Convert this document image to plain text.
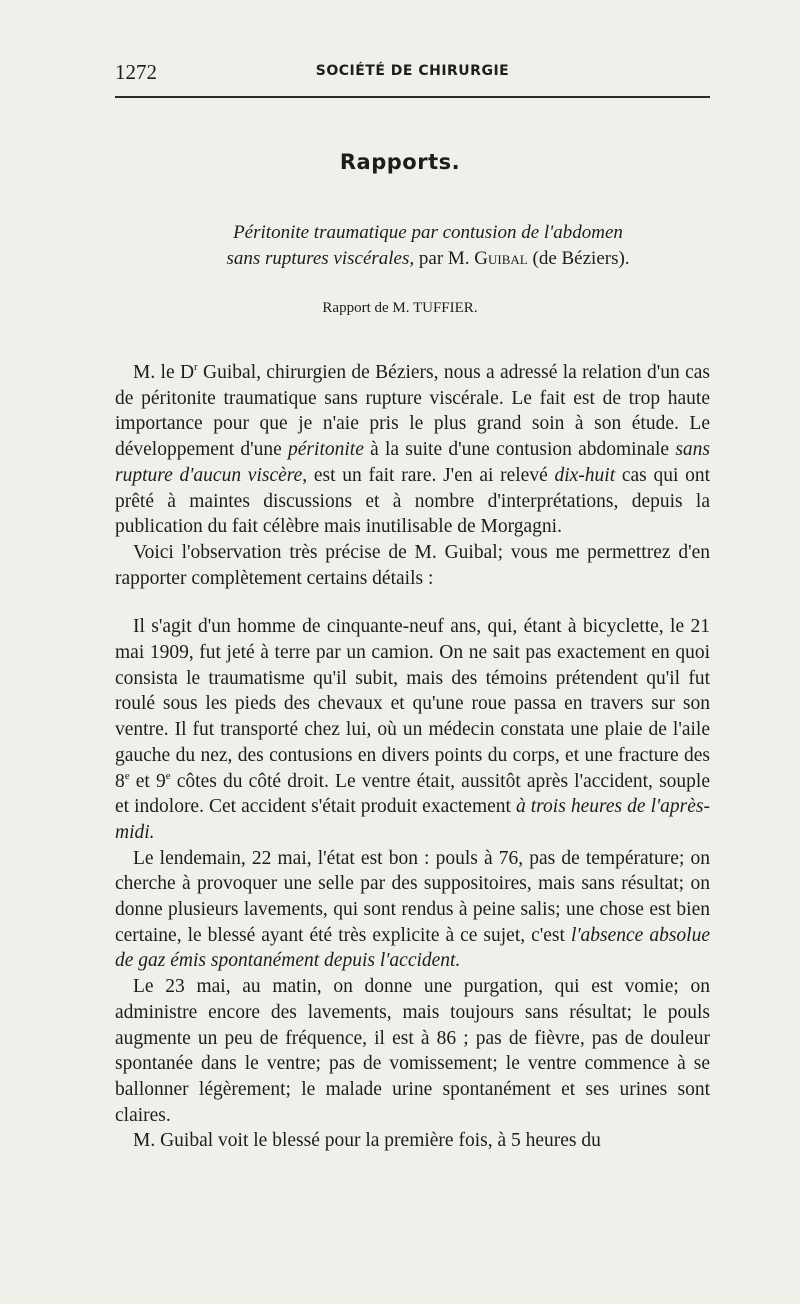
1272	SOCIÉTÉ DE CHIRURGIE
Rapports.
Péritonite traumatique par contusion de l'abdomen
sans ruptures viscérales, par M. Guibal (de Béziers).
Rapport de M. TUFFIER.

M. le $D^r$ Guibal, chirurgien de Béziers, nous a adressé la relation d'un cas de péritonite traumatique sans rupture viscérale. Le fait est de trop haute importance pour que je n'aie pris le plus grand soin à son étude. Le développement d'une péritonite à la suite d'une contusion abdominale sans rupture d'aucun viscère, est un fait rare. J'en ai relevé dix-huit cas qui ont prêté à maintes discussions et à nombre d'interprétations, depuis la publication du fait célèbre mais inutilisable de Morgagni.

Voici l'observation très précise de M. Guibal; vous me permettrez d'en rapporter complètement certains détails :

Il s'agit d'un homme de cinquante-neuf ans, qui, étant à bicyclette, le 21 mai 1909, fut jeté à terre par un camion. On ne sait pas exactement en quoi consista le traumatisme qu'il subit, mais des témoins prétendent qu'il fut roulé sous les pieds des chevaux et qu'une roue passa en travers sur son ventre. Il fut transporté chez lui, où un médecin constata une plaie de l'aile gauche du nez, des contusions en divers points du corps, et une fracture des 8e et 9e côtes du côté droit. Le ventre était, aussitôt après l'accident, souple et indolore. Cet accident s'était produit exactement à trois heures de l'après-midi.

Le lendemain, 22 mai, l'état est bon : pouls à 76, pas de température; on cherche à provoquer une selle par des suppositoires, mais sans résultat; on donne plusieurs lavements, qui sont rendus à peine salis; une chose est bien certaine, le blessé ayant été très explicite à ce sujet, c'est l'absence absolue de gaz émis spontanément depuis l'accident.

Le 23 mai, au matin, on donne une purgation, qui est vomie; on administre encore des lavements, mais toujours sans résultat; le pouls augmente un peu de fréquence, il est à 86 ; pas de fièvre, pas de douleur spontanée dans le ventre; pas de vomissement; le ventre commence à se ballonner légèrement; le malade urine spontanément et ses urines sont claires.

M. Guibal voit le blessé pour la première fois, à 5 heures du
